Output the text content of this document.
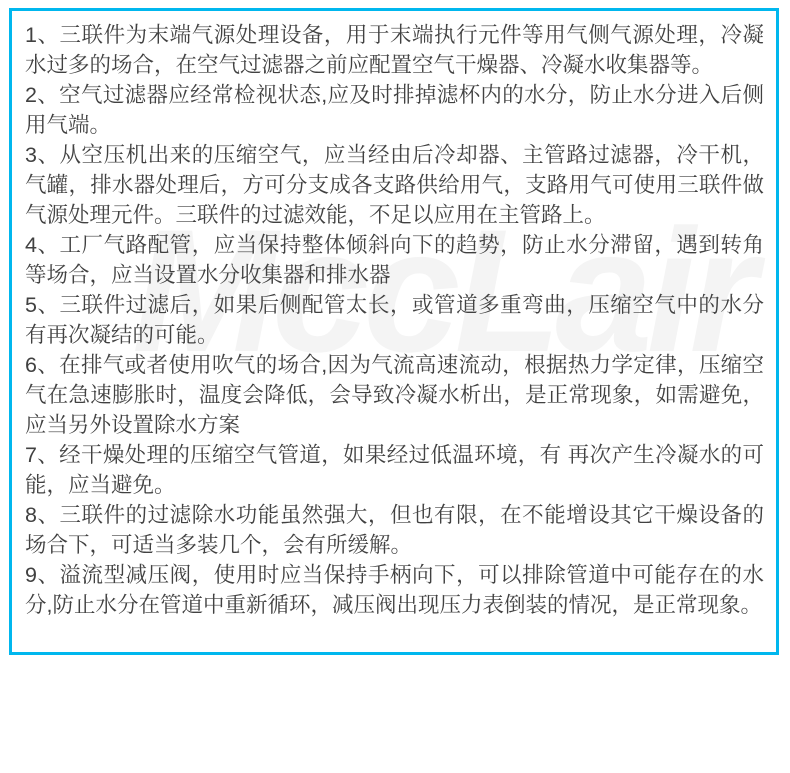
1、三联件为末端气源处理设备，用于末端执行元件等用气侧气源处理，冷凝水过多的场合，在空气过滤器之前应配置空气干燥器、冷凝水收集器等。

2、空气过滤器应经常检视状态,应及时排掉滤杯内的水分，防止水分进入后侧用气端。

3、从空压机出来的压缩空气，应当经由后冷却器、主管路过滤器，冷干机，气罐，排水器处理后，方可分支成各支路供给用气，支路用气可使用三联件做气源处理元件。三联件的过滤效能，不足以应用在主管路上。

4、工厂气路配管，应当保持整体倾斜向下的趋势，防止水分滞留，遇到转角等场合，应当设置水分收集器和排水器

5、三联件过滤后，如果后侧配管太长，或管道多重弯曲，压缩空气中的水分有再次凝结的可能。

6、在排气或者使用吹气的场合,因为气流高速流动，根据热力学定律，压缩空气在急速膨胀时，温度会降低，会导致冷凝水析出，是正常现象，如需避免，应当另外设置除水方案

7、经干燥处理的压缩空气管道，如果经过低温环境，有 再次产生冷凝水的可能，应当避免。

8、三联件的过滤除水功能虽然强大，但也有限，在不能增设其它干燥设备的场合下，可适当多装几个，会有所缓解。

9、溢流型减压阀，使用时应当保持手柄向下，可以排除管道中可能存在的水分,防止水分在管道中重新循环，减压阀出现压力表倒装的情况，是正常现象。
